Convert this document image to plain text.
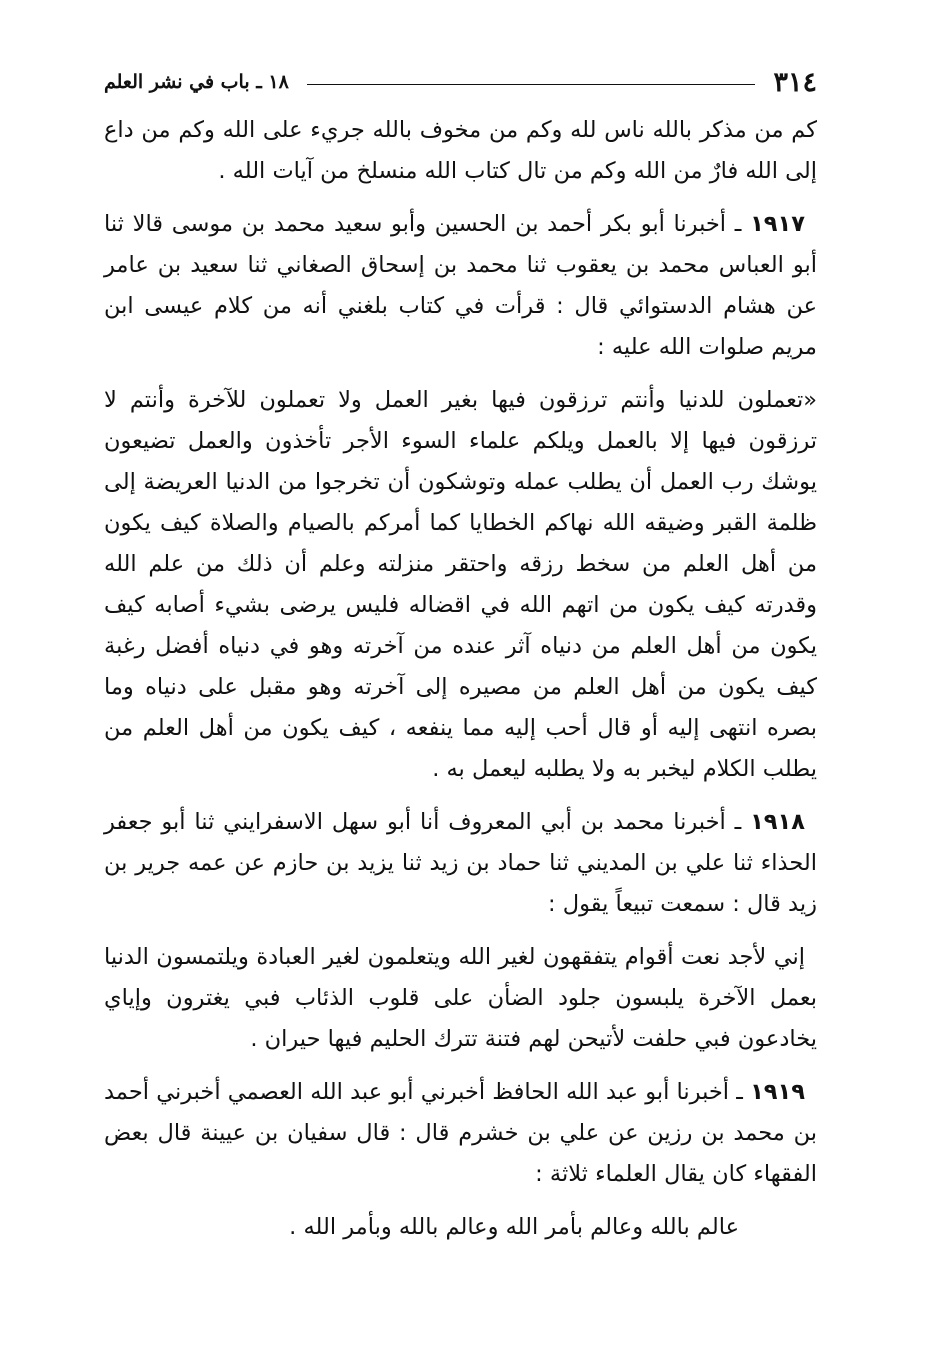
٣١٤
١٨ ـ باب في نشر العلم

كم من مذكر بالله ناس لله وكم من مخوف بالله جريء على الله وكم من داع إلى الله فارٌ من الله وكم من تال كتاب الله منسلخ من آيات الله .

١٩١٧ ـ أخبرنا أبو بكر أحمد بن الحسين وأبو سعيد محمد بن موسى قالا ثنا أبو العباس محمد بن يعقوب ثنا محمد بن إسحاق الصغاني ثنا سعيد بن عامر عن هشام الدستوائي قال : قرأت في كتاب بلغني أنه من كلام عيسى ابن مريم صلوات الله عليه :

«تعملون للدنيا وأنتم ترزقون فيها بغير العمل ولا تعملون للآخرة وأنتم لا ترزقون فيها إلا بالعمل ويلكم علماء السوء الأجر تأخذون والعمل تضيعون يوشك رب العمل أن يطلب عمله وتوشكون أن تخرجوا من الدنيا العريضة إلى ظلمة القبر وضيقه الله نهاكم الخطايا كما أمركم بالصيام والصلاة كيف يكون من أهل العلم من سخط رزقه واحتقر منزلته وعلم أن ذلك من علم الله وقدرته كيف يكون من اتهم الله في اقضاله فليس يرضى بشيء أصابه كيف يكون من أهل العلم من دنياه آثر عنده من آخرته وهو في دنياه أفضل رغبة كيف يكون من أهل العلم من مصيره إلى آخرته وهو مقبل على دنياه وما بصره انتهى إليه أو قال أحب إليه مما ينفعه ، كيف يكون من أهل العلم من يطلب الكلام ليخبر به ولا يطلبه ليعمل به .

١٩١٨ ـ أخبرنا محمد بن أبي المعروف أنا أبو سهل الاسفرايني ثنا أبو جعفر الحذاء ثنا علي بن المديني ثنا حماد بن زيد ثنا يزيد بن حازم عن عمه جرير بن زيد قال : سمعت تبيعاً يقول :

إني لأجد نعت أقوام يتفقهون لغير الله ويتعلمون لغير العبادة ويلتمسون الدنيا بعمل الآخرة يلبسون جلود الضأن على قلوب الذئاب فبي يغترون وإياي يخادعون فبي حلفت لأتيحن لهم فتنة تترك الحليم فيها حيران .

١٩١٩ ـ أخبرنا أبو عبد الله الحافظ أخبرني أبو عبد الله العصمي أخبرني أحمد بن محمد بن رزين عن علي بن خشرم قال : قال سفيان بن عيينة قال بعض الفقهاء كان يقال العلماء ثلاثة :

عالم بالله وعالم بأمر الله وعالم بالله وبأمر الله .
